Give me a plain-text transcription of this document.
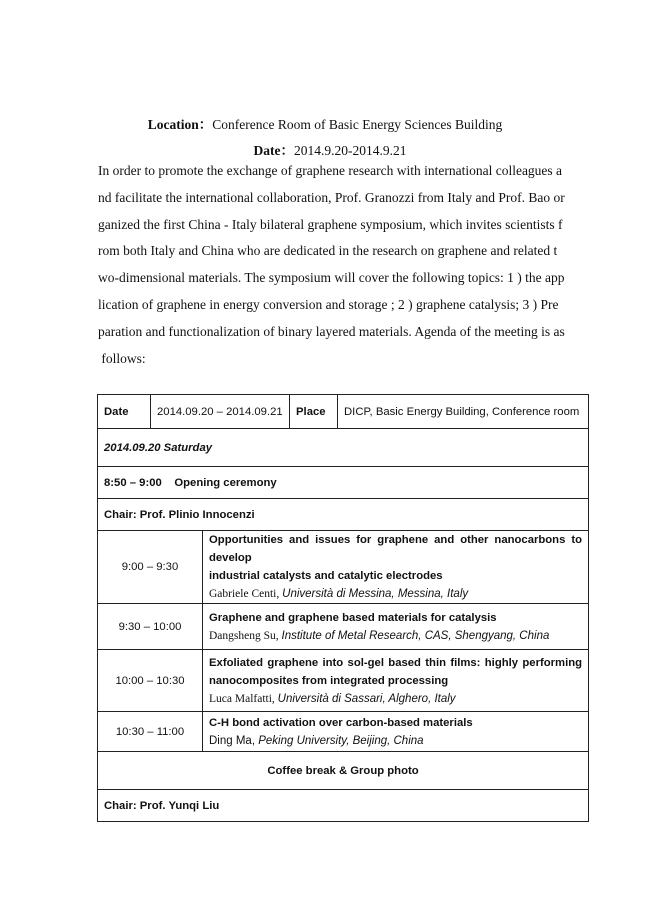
Location：Conference Room of Basic Energy Sciences Building
Date：2014.9.20-2014.9.21

In order to promote the exchange of graphene research with international colleagues a

nd facilitate the international collaboration, Prof. Granozzi from Italy and Prof. Bao or

ganized the first China - Italy bilateral graphene symposium, which invites scientists f

rom both Italy and China who are dedicated in the research on graphene and related t

wo-dimensional materials. The symposium will cover the following topics: 1 ) the app

lication of graphene in energy conversion and storage ; 2 ) graphene catalysis; 3 ) Pre

paration and functionalization of binary layered materials. Agenda of the meeting is as

follows:

Date	2014.09.20 – 2014.09.21		Place	DICP, Basic Energy Building, Conference room
2014.09.20 Saturday				
8:50 – 9:00 Opening ceremony				
Chair: Prof. Plinio Innocenzi				
9:00 – 9:30		Opportunities and issues for graphene and other nanocarbons to develop
industrial catalysts and catalytic electrodes
Gabriele Centi, Università di Messina, Messina, Italy		

9:30 – 10:00		Graphene and graphene based materials for catalysis
Dangsheng Su, Institute of Metal Research, CAS, Shengyang, China		

10:00 – 10:30		Exfoliated graphene into sol-gel based thin films: highly performing
nanocomposites from integrated processing
Luca Malfatti, Università di Sassari, Alghero, Italy		

10:30 – 11:00		C-H bond activation over carbon-based materials
Ding Ma, Peking University, Beijing, China		

Coffee break & Group photo				
Chair: Prof. Yunqi Liu				
